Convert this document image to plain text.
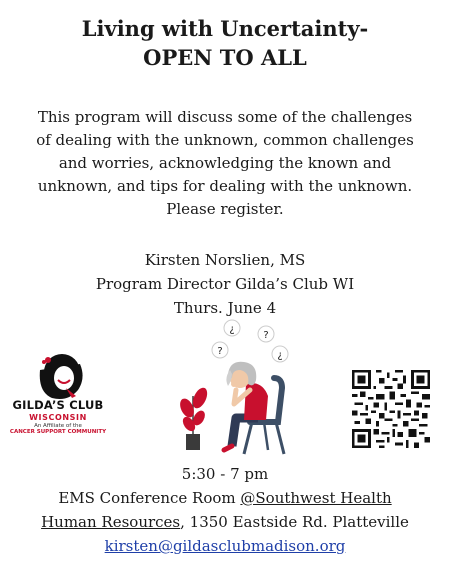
Living with Uncertainty-
OPEN TO ALL
This program will discuss some of the challenges
of dealing with the unknown, common challenges
and worries, acknowledging the known and
unknown, and tips for dealing with the unknown.
Please register.
Kirsten Norslien, MS
Program Director Gilda’s Club WI
Thurs. June 4
GILDA’S CLUB
WISCONSIN
An Affiliate of the
CANCER SUPPORT COMMUNITY
¿
?
?	¿
5:30 - 7 pm
EMS Conference Room @Southwest Health
Human Resources, 1350 Eastside Rd. Platteville
kirsten@gildasclubmadison.org
